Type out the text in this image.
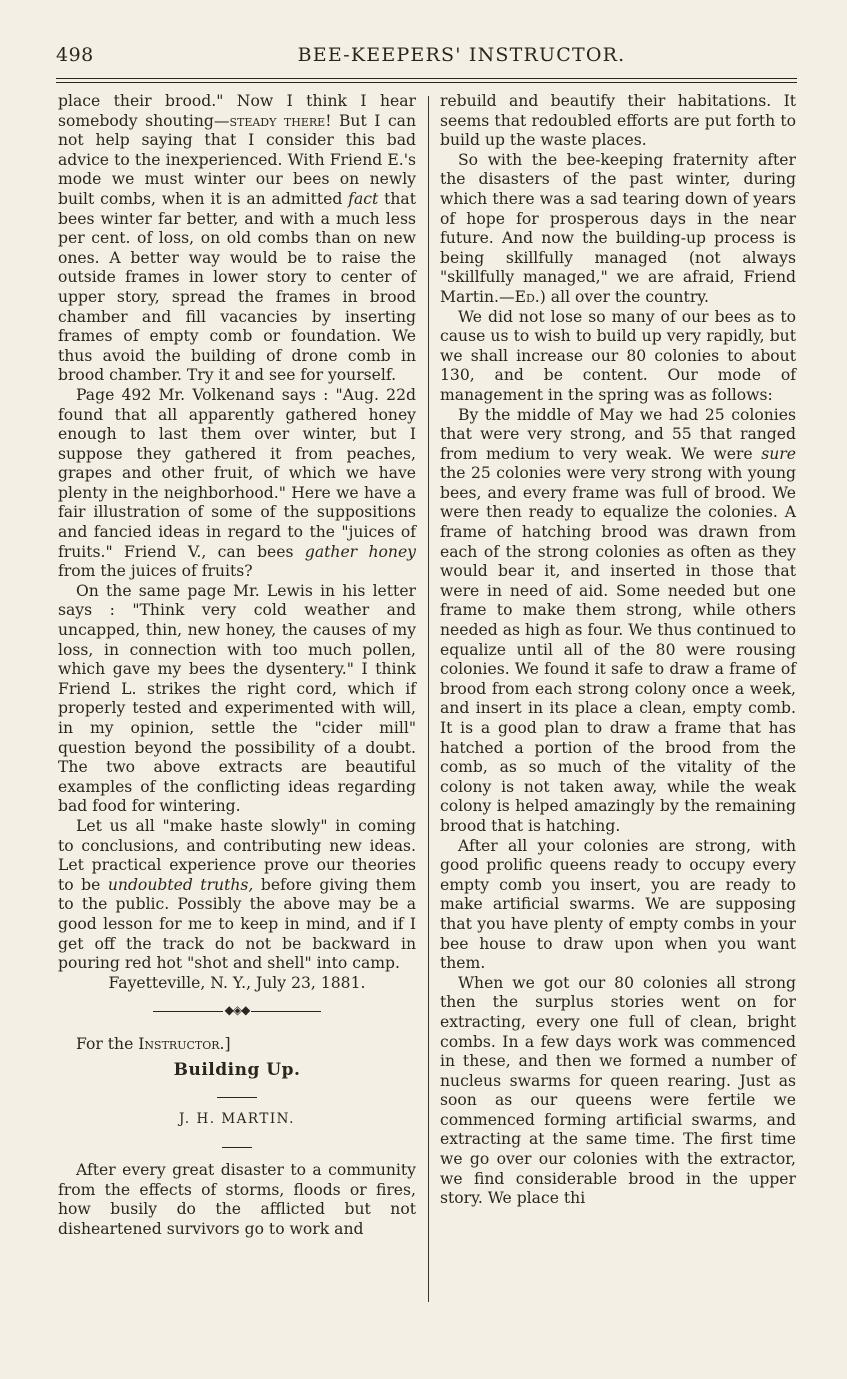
498	BEE-KEEPERS' INSTRUCTOR.

place their brood." Now I think I hear somebody shouting—steady there! But I can not help saying that I consider this bad advice to the inexperienced. With Friend E.'s mode we must winter our bees on newly built combs, when it is an admitted fact that bees winter far better, and with a much less per cent. of loss, on old combs than on new ones. A better way would be to raise the outside frames in lower story to center of upper story, spread the frames in brood chamber and fill vacancies by inserting frames of empty comb or foundation. We thus avoid the building of drone comb in brood chamber. Try it and see for yourself.

Page 492 Mr. Volkenand says : "Aug. 22d found that all apparently gathered honey enough to last them over winter, but I suppose they gathered it from peaches, grapes and other fruit, of which we have plenty in the neighborhood." Here we have a fair illustration of some of the suppositions and fancied ideas in regard to the "juices of fruits." Friend V., can bees gather honey from the juices of fruits?

On the same page Mr. Lewis in his letter says : "Think very cold weather and uncapped, thin, new honey, the causes of my loss, in connection with too much pollen, which gave my bees the dysentery." I think Friend L. strikes the right cord, which if properly tested and experimented with will, in my opinion, settle the "cider mill" question beyond the possibility of a doubt. The two above extracts are beautiful examples of the conflicting ideas regarding bad food for wintering.

Let us all "make haste slowly" in coming to conclusions, and contributing new ideas. Let practical experience prove our theories to be undoubted truths, before giving them to the public. Possibly the above may be a good lesson for me to keep in mind, and if I get off the track do not be backward in pouring red hot "shot and shell" into camp.

Fayetteville, N. Y., July 23, 1881.

◆◈◆

For the Instructor.]

Building Up.
J. H. MARTIN.

After every great disaster to a community from the effects of storms, floods or fires, how busily do the afflicted but not disheartened survivors go to work and

rebuild and beautify their habitations. It seems that redoubled efforts are put forth to build up the waste places.

So with the bee-keeping fraternity after the disasters of the past winter, during which there was a sad tearing down of years of hope for prosperous days in the near future. And now the building-up process is being skillfully managed (not always "skillfully managed," we are afraid, Friend Martin.—Ed.) all over the country.

We did not lose so many of our bees as to cause us to wish to build up very rapidly, but we shall increase our 80 colonies to about 130, and be content. Our mode of management in the spring was as follows:

By the middle of May we had 25 colonies that were very strong, and 55 that ranged from medium to very weak. We were sure the 25 colonies were very strong with young bees, and every frame was full of brood. We were then ready to equalize the colonies. A frame of hatching brood was drawn from each of the strong colonies as often as they would bear it, and inserted in those that were in need of aid. Some needed but one frame to make them strong, while others needed as high as four. We thus continued to equalize until all of the 80 were rousing colonies. We found it safe to draw a frame of brood from each strong colony once a week, and insert in its place a clean, empty comb. It is a good plan to draw a frame that has hatched a portion of the brood from the comb, as so much of the vitality of the colony is not taken away, while the weak colony is helped amazingly by the remaining brood that is hatching.

After all your colonies are strong, with good prolific queens ready to occupy every empty comb you insert, you are ready to make artificial swarms. We are supposing that you have plenty of empty combs in your bee house to draw upon when you want them.

When we got our 80 colonies all strong then the surplus stories went on for extracting, every one full of clean, bright combs. In a few days work was commenced in these, and then we formed a number of nucleus swarms for queen rearing. Just as soon as our queens were fertile we commenced forming artificial swarms, and extracting at the same time. The first time we go over our colonies with the extractor, we find considerable brood in the upper story. We place thi
